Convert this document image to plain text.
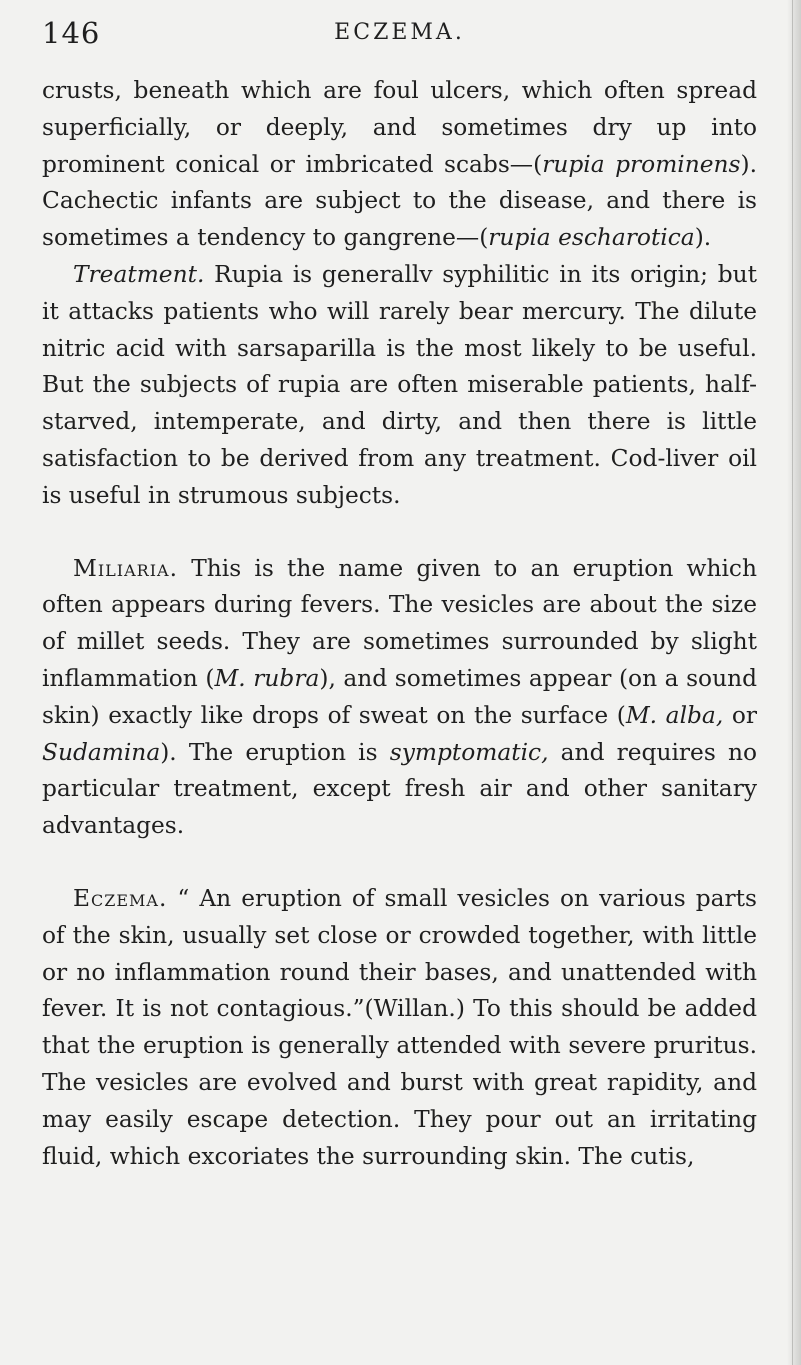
146	ECZEMA.

crusts, beneath which are foul ulcers, which often spread superficially, or deeply, and sometimes dry up into prominent conical or imbricated scabs—(rupia prominens). Cachectic infants are subject to the disease, and there is sometimes a tendency to gangrene—(rupia escharotica).

Treatment. Rupia is generallv syphilitic in its origin; but it attacks patients who will rarely bear mercury. The dilute nitric acid with sarsaparilla is the most likely to be useful. But the subjects of rupia are often miserable patients, half-starved, intemperate, and dirty, and then there is little satisfaction to be derived from any treatment. Cod-liver oil is useful in strumous subjects.

Miliaria. This is the name given to an eruption which often appears during fevers. The vesicles are about the size of millet seeds. They are sometimes surrounded by slight inflammation (M. rubra), and sometimes appear (on a sound skin) exactly like drops of sweat on the surface (M. alba, or Sudamina). The eruption is symptomatic, and requires no particular treatment, except fresh air and other sanitary advantages.

Eczema. “ An eruption of small vesicles on various parts of the skin, usually set close or crowded together, with little or no inflammation round their bases, and unattended with fever. It is not contagious.”(Willan.) To this should be added that the eruption is generally attended with severe pruritus. The vesicles are evolved and burst with great rapidity, and may easily escape detection. They pour out an irritating fluid, which excoriates the surrounding skin. The cutis,
